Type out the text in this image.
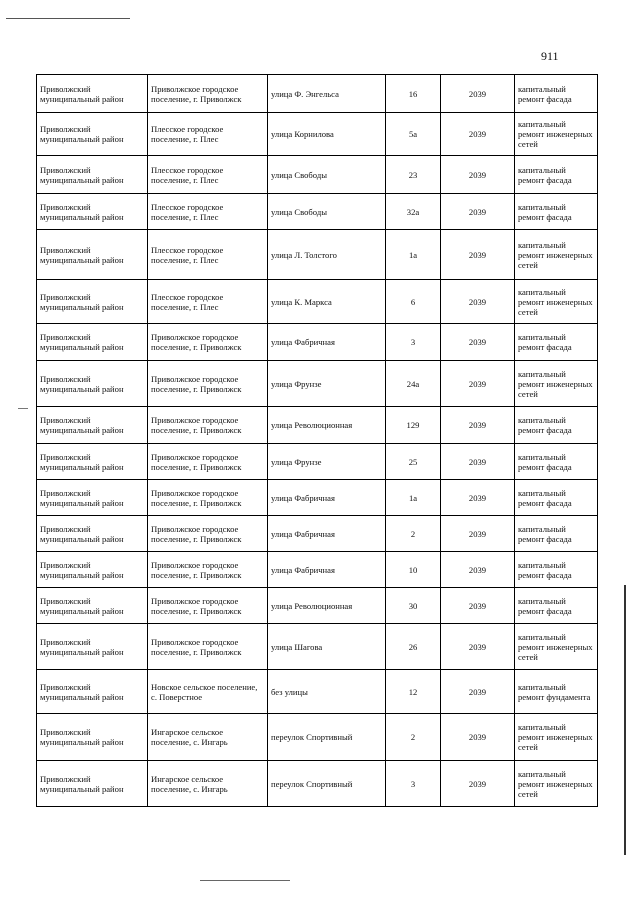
911
Приволжский муниципальный район	Приволжское городское поселение, г. Приволжск	улица Ф. Энгельса	16	2039	капитальный ремонт фасада
Приволжский муниципальный район	Плесское городское поселение, г. Плес	улица Корнилова	5а	2039	капитальный ремонт инженерных сетей
Приволжский муниципальный район	Плесское городское поселение, г. Плес	улица Свободы	23	2039	капитальный ремонт фасада
Приволжский муниципальный район	Плесское городское поселение, г. Плес	улица Свободы	32а	2039	капитальный ремонт фасада
Приволжский муниципальный район	Плесское городское поселение, г. Плес	улица Л. Толстого	1а	2039	капитальный ремонт инженерных сетей
Приволжский муниципальный район	Плесское городское поселение, г. Плес	улица К. Маркса	6	2039	капитальный ремонт инженерных сетей
Приволжский муниципальный район	Приволжское городское поселение, г. Приволжск	улица Фабричная	3	2039	капитальный ремонт фасада
Приволжский муниципальный район	Приволжское городское поселение, г. Приволжск	улица Фрунзе	24а	2039	капитальный ремонт инженерных сетей
Приволжский муниципальный район	Приволжское городское поселение, г. Приволжск	улица Революционная	129	2039	капитальный ремонт фасада
Приволжский муниципальный район	Приволжское городское поселение, г. Приволжск	улица Фрунзе	25	2039	капитальный ремонт фасада
Приволжский муниципальный район	Приволжское городское поселение, г. Приволжск	улица Фабричная	1а	2039	капитальный ремонт фасада
Приволжский муниципальный район	Приволжское городское поселение, г. Приволжск	улица Фабричная	2	2039	капитальный ремонт фасада
Приволжский муниципальный район	Приволжское городское поселение, г. Приволжск	улица Фабричная	10	2039	капитальный ремонт фасада
Приволжский муниципальный район	Приволжское городское поселение, г. Приволжск	улица Революционная	30	2039	капитальный ремонт фасада
Приволжский муниципальный район	Приволжское городское поселение, г. Приволжск	улица Шагова	26	2039	капитальный ремонт инженерных сетей
Приволжский муниципальный район	Новское сельское поселение, с. Поверстное	без улицы	12	2039	капитальный ремонт фундамента
Приволжский муниципальный район	Ингарское сельское поселение, с. Ингарь	переулок Спортивный	2	2039	капитальный ремонт инженерных сетей
Приволжский муниципальный район	Ингарское сельское поселение, с. Ингарь	переулок Спортивный	3	2039	капитальный ремонт инженерных сетей
